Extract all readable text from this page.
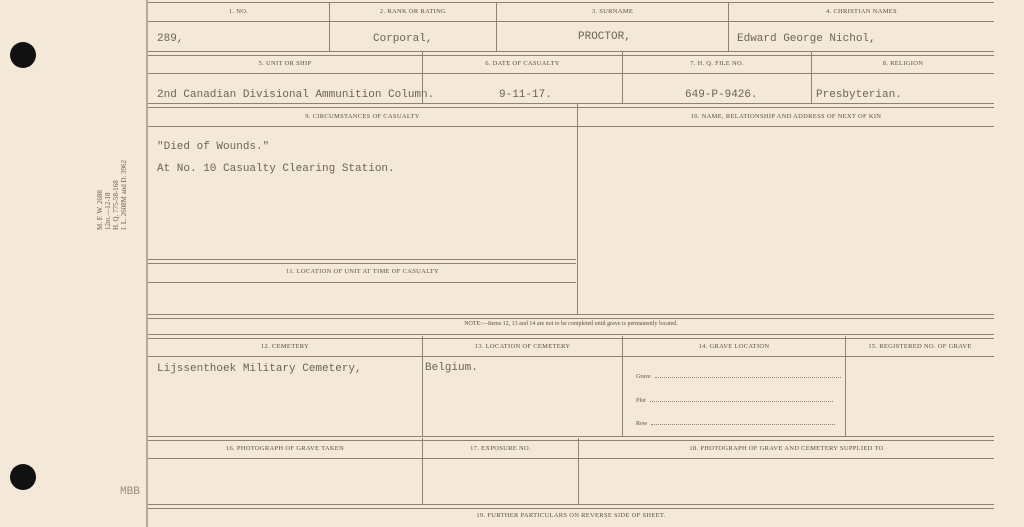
M. F. W. 2688 12m.—12-18 H. Q. 775-58-168 I. L. 2608M and D. 3962
MBB
1. NO.	2. RANK OR RATING	3. SURNAME	4. CHRISTIAN NAMES
289,	Corporal,	PROCTOR,	Edward George Nichol,
5. UNIT OR SHIP	6. DATE OF CASUALTY	7. H. Q. FILE NO.	8. RELIGION
2nd Canadian Divisional Ammunition Column.	9-11-17.	649-P-9426.	Presbyterian.
9. CIRCUMSTANCES OF CASUALTY	10. NAME, RELATIONSHIP AND ADDRESS OF NEXT OF KIN
"Died of Wounds."
At No. 10 Casualty Clearing Station.
11. LOCATION OF UNIT AT TIME OF CASUALTY
NOTE:—Items 12, 13 and 14 are not to be completed until grave is permanently located.
12. CEMETERY	13. LOCATION OF CEMETERY	14. GRAVE LOCATION	15. REGISTERED NO. OF GRAVE
Lijssenthoek Military Cemetery,	Belgium.
Grave
Plot
Row
16. PHOTOGRAPH OF GRAVE TAKEN	17. EXPOSURE NO.	18. PHOTOGRAPH OF GRAVE AND CEMETERY SUPPLIED TO
19. FURTHER PARTICULARS ON REVERSE SIDE OF SHEET.
